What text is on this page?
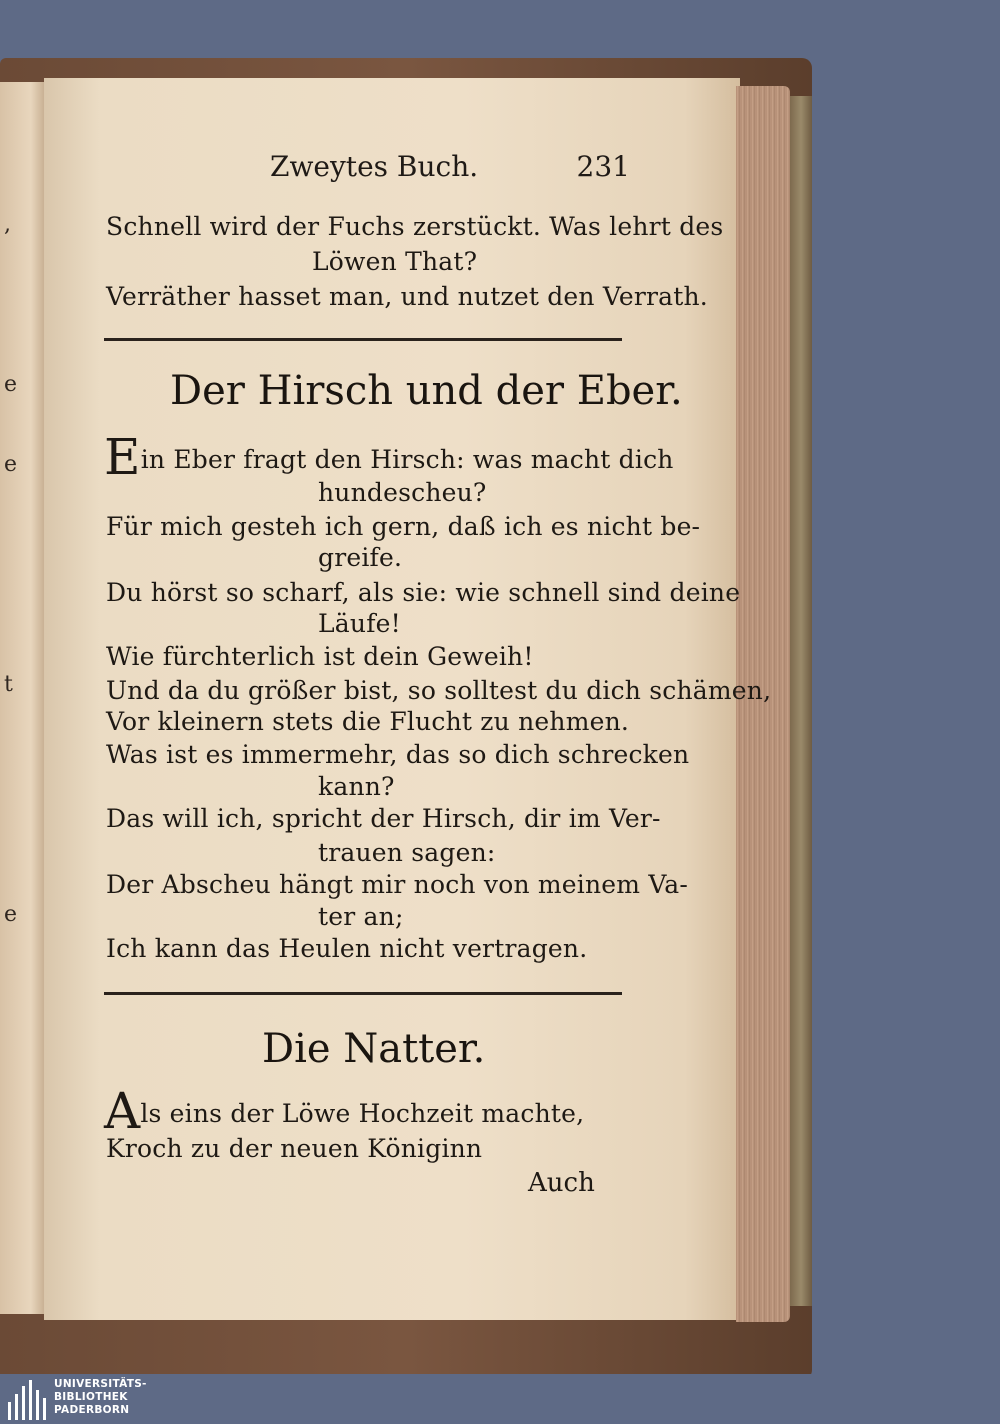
,
e
e
t
e
Zweytes Buch.	231
Schnell wird der Fuchs zerstückt. Was lehrt des
Löwen That?
Verräther hasset man, und nutzet den Verrath.
Der Hirsch und der Eber.
Ein Eber fragt den Hirsch: was macht dich
hundescheu?
Für mich gesteh ich gern, daß ich es nicht be-
greife.
Du hörst so scharf, als sie: wie schnell sind deine
Läufe!
Wie fürchterlich ist dein Geweih!
Und da du größer bist, so solltest du dich schämen,
Vor kleinern stets die Flucht zu nehmen.
Was ist es immermehr, das so dich schrecken
kann?
Das will ich, spricht der Hirsch, dir im Ver-
trauen sagen:
Der Abscheu hängt mir noch von meinem Va-
ter an;
Ich kann das Heulen nicht vertragen.
Die Natter.
Als eins der Löwe Hochzeit machte,
Kroch zu der neuen Königinn
Auch
UNIVERSITÄTS-
BIBLIOTHEK
PADERBORN
